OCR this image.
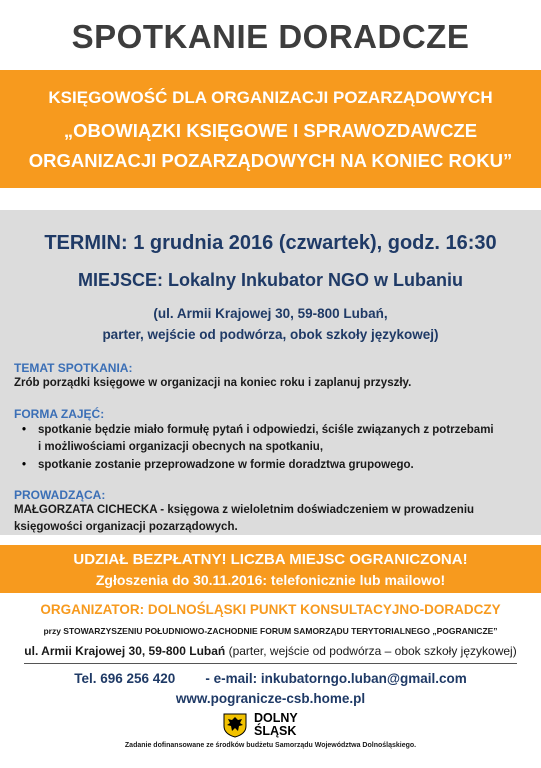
SPOTKANIE DORADCZE
KSIĘGOWOŚĆ DLA ORGANIZACJI POZARZĄDOWYCH
„OBOWIĄZKI KSIĘGOWE I SPRAWOZDAWCZE
ORGANIZACJI POZARZĄDOWYCH NA KONIEC ROKU”
TERMIN: 1 grudnia 2016 (czwartek), godz. 16:30
MIEJSCE: Lokalny Inkubator NGO w Lubaniu
(ul. Armii Krajowej 30, 59-800 Lubań,
parter, wejście od podwórza, obok szkoły językowej)
TEMAT SPOTKANIA:
Zrób porządki księgowe w organizacji na koniec roku i zaplanuj przyszły.
FORMA ZAJĘĆ:
• spotkanie będzie miało formułę pytań i odpowiedzi, ściśle związanych z potrzebami
i możliwościami organizacji obecnych na spotkaniu,
• spotkanie zostanie przeprowadzone w formie doradztwa grupowego.
PROWADZĄCA:
MAŁGORZATA CICHECKA - księgowa z wieloletnim doświadczeniem w prowadzeniu
księgowości organizacji pozarządowych.
UDZIAŁ BEZPŁATNY! LICZBA MIEJSC OGRANICZONA!
Zgłoszenia do 30.11.2016: telefonicznie lub mailowo!
ORGANIZATOR: DOLNOŚLĄSKI PUNKT KONSULTACYJNO-DORADCZY
przy STOWARZYSZENIU POŁUDNIOWO-ZACHODNIE FORUM SAMORZĄDU TERYTORIALNEGO „POGRANICZE”
ul. Armii Krajowej 30, 59-800 Lubań (parter, wejście od podwórza – obok szkoły językowej)
Tel. 696 256 420 - e-mail: inkubatorngo.luban@gmail.com
www.pogranicze-csb.home.pl
DOLNY
ŚLĄSK
Zadanie dofinansowane ze środków budżetu Samorządu Województwa Dolnośląskiego.
